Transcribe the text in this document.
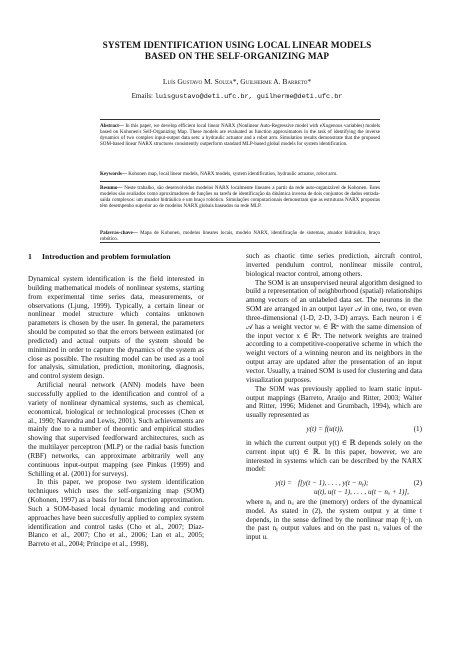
SYSTEM IDENTIFICATION USING LOCAL LINEAR MODELS
BASED ON THE SELF-ORGANIZING MAP
Luís Gustavo M. Souza*, Guilherme A. Barreto*
Emails: luisgustavo@deti.ufc.br, guilherme@deti.ufc.br
Abstract— In this paper, we develop efficient local linear NARX (Nonlinear Auto-Regressive model with eXogenous variables) models based on Kohonen's Self-Organizing Map. These models are evaluated as function approximators in the task of identifying the inverse dynamics of two complex input-output data sets: a hydraulic actuator and a robot arm. Simulation results demonstrate that the proposed SOM-based linear NARX structures consistently outperform standard MLP-based global models for system identification.
Keywords— Kohonen map, local linear models, NARX models, system identification, hydraulic actuator, robot arm.
Resumo— Neste trabalho, são desenvolvidos modelos NARX localmente lineares a partir da rede auto-organizável de Kohonen. Estes modelos são avaliados como aproximadores de funções na tarefa de identificação da dinâmica inversa de dois conjuntos de dados entrada-saída complexos: um atuador hidráulico e um braço robótico. Simulações computacionais demonstram que as estruturas NARX propostas têm desempenho superior ao de modelos NARX globais baseados na rede MLP.
Palavras-chave— Mapa de Kohonen, modelos lineares locais, modelo NARX, identificação de sistemas, atuador hidráulico, braço robótico.
1 Introduction and problem formulation

Dynamical system identification is the field interested in building mathematical models of nonlinear systems, starting from experimental time series data, measurements, or observations (Ljung, 1999). Typically, a certain linear or nonlinear model structure which contains unknown parameters is chosen by the user. In general, the parameters should be computed so that the errors between estimated (or predicted) and actual outputs of the system should be minimized in order to capture the dynamics of the system as close as possible. The resulting model can be used as a tool for analysis, simulation, prediction, monitoring, diagnosis, and control system design.

Artificial neural network (ANN) models have been successfully applied to the identification and control of a variety of nonlinear dynamical systems, such as chemical, economical, biological or technological processes (Chen et al., 1990; Narendra and Lewis, 2001). Such achievements are mainly due to a number of theoretic and empirical studies showing that supervised feedforward architectures, such as the multilayer perceptron (MLP) or the radial basis function (RBF) networks, can approximate arbitrarily well any continuous input-output mapping (see Pinkus (1999) and Schilling et al. (2001) for surveys).

In this paper, we propose two system identification techniques which uses the self-organizing map (SOM) (Kohonen, 1997) as a basis for local function approximation. Such a SOM-based local dynamic modeling and control approaches have been succesfully applied to complex system identification and control tasks (Cho et al., 2007; Díaz-Blanco et al., 2007; Cho et al., 2006; Lan et al., 2005; Barreto et al., 2004; Príncipe et al., 1998),

such as chaotic time series prediction, aircraft control, inverted pendulum control, nonlinear missile control, biological reactor control, among others.

The SOM is an unsupervised neural algorithm designed to build a representation of neighborhood (spatial) relationships among vectors of an unlabeled data set. The neurons in the SOM are arranged in an output layer 𝒜 in one, two, or even three-dimensional (1-D, 2-D, 3-D) arrays. Each neuron i ∈ 𝒜 has a weight vector wᵢ ∈ ℝⁿ with the same dimension of the input vector x ∈ ℝⁿ. The network weights are trained according to a competitive-cooperative scheme in which the weight vectors of a winning neuron and its neighbors in the output array are updated after the presentation of an input vector. Usually, a trained SOM is used for clustering and data visualization purposes.

The SOM was previously applied to learn static input-output mappings (Barreto, Araújo and Ritter, 2003; Walter and Ritter, 1996; Midenet and Grumbach, 1994), which are usually represented as

y(t) = f(u(t)),	(1)

in which the current output y(t) ∈ ℝ depends solely on the current input u(t) ∈ ℝ. In this paper, however, we are interested in systems which can be described by the NARX model:

y(t) = f[y(t − 1), . . . , y(t − nᵧ);	(2)
u(t), u(t − 1), . . . , u(t − nᵤ + 1)],

where nᵧ and nᵤ are the (memory) orders of the dynamical model. As stated in (2), the system output y at time t depends, in the sense defined by the nonlinear map f(·), on the past nᵧ output values and on the past nᵤ values of the input u.
